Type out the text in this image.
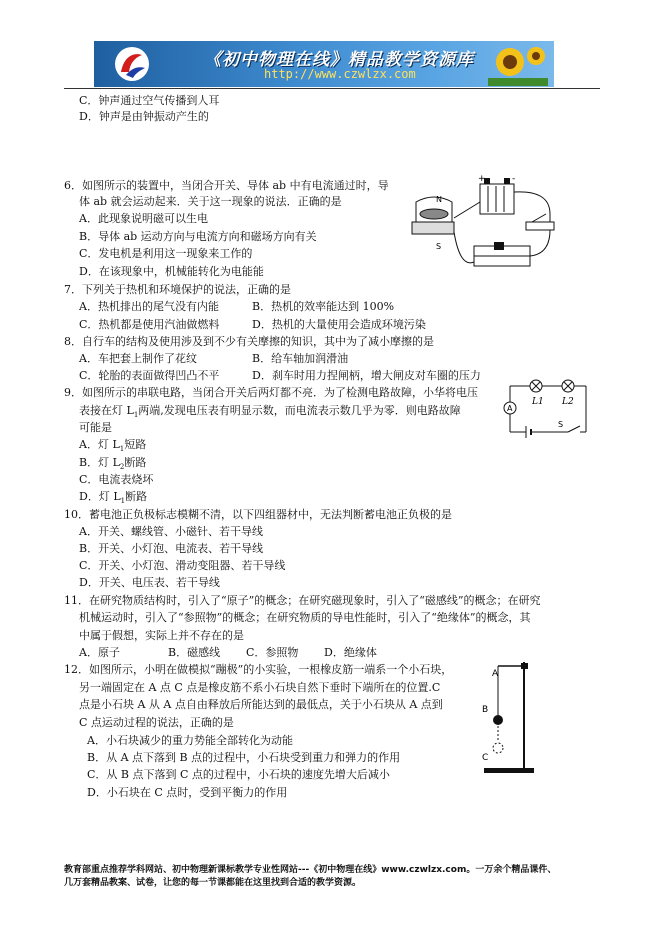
《初中物理在线》精品教学资源库
http://www.czwlzx.com
C．钟声通过空气传播到人耳
D．钟声是由钟振动产生的
6．如图所示的装置中，当闭合开关、导体 ab 中有电流通过时，导
体 ab 就会运动起来．关于这一现象的说法．正确的是
A．此现象说明磁可以生电
B．导体 ab 运动方向与电流方向和磁场方向有关
C．发电机是利用这一现象来工作的
D．在该现象中，机械能转化为电能能
7．下列关于热机和环境保护的说法，正确的是
A．热机排出的尾气没有内能	B．热机的效率能达到 100%
C．热机都是使用汽油做燃料	D．热机的大量使用会造成环境污染
8．自行车的结构及使用涉及到不少有关摩擦的知识，其中为了减小摩擦的是
A．车把套上制作了花纹	B．给车轴加润滑油
C．轮胎的表面做得凹凸不平	D．刹车时用力捏闸柄，增大闸皮对车圈的压力
9．如图所示的串联电路，当闭合开关后两灯都不亮．为了检测电路故障，小华将电压
表接在灯 $L_1$两端,发现电压表有明显示数，而电流表示数几乎为零．则电路故障
可能是
A．灯 $L_1$短路
B．灯 $L_2$断路
C．电流表烧坏
D．灯 $L_1$断路
10．蓄电池正负极标志模糊不清，以下四组器材中，无法判断蓄电池正负极的是
A．开关、螺线管、小磁针、若干导线
B．开关、小灯泡、电流表、若干导线
C．开关、小灯泡、滑动变阻器、若干导线
D．开关、电压表、若干导线
11．在研究物质结构时，引入了“原子”的概念；在研究磁现象时，引入了“磁感线”的概念；在研究
机械运动时，引入了“参照物”的概念；在研究物质的导电性能时，引入了“绝缘体”的概念，其
中属于假想，实际上并不存在的是
A．原子	B．磁感线 C．参照物 D．绝缘体
12．如图所示，小明在做模拟“蹦极”的小实验，一根橡皮筋一端系一个小石块，
另一端固定在 A 点 C 点是橡皮筋不系小石块自然下垂时下端所在的位置.C
点是小石块 A 从 A 点自由释放后所能达到的最低点，关于小石块从 A 点到
C 点运动过程的说法，正确的是
A．小石块减少的重力势能全部转化为动能
B．从 A 点下落到 B 点的过程中，小石块受到重力和弹力的作用
C．从 B 点下落到 C 点的过程中，小石块的速度先增大后减小
D．小石块在 C 点时，受到平衡力的作用
+	-
N
S
L1 L2
A
S
A
B
C
教育部重点推荐学科网站、初中物理新课标教学专业性网站---《初中物理在线》www.czwlzx.com。一万余个精品课件、
几万套精品教案、试卷，让您的每一节课都能在这里找到合适的教学资源。
